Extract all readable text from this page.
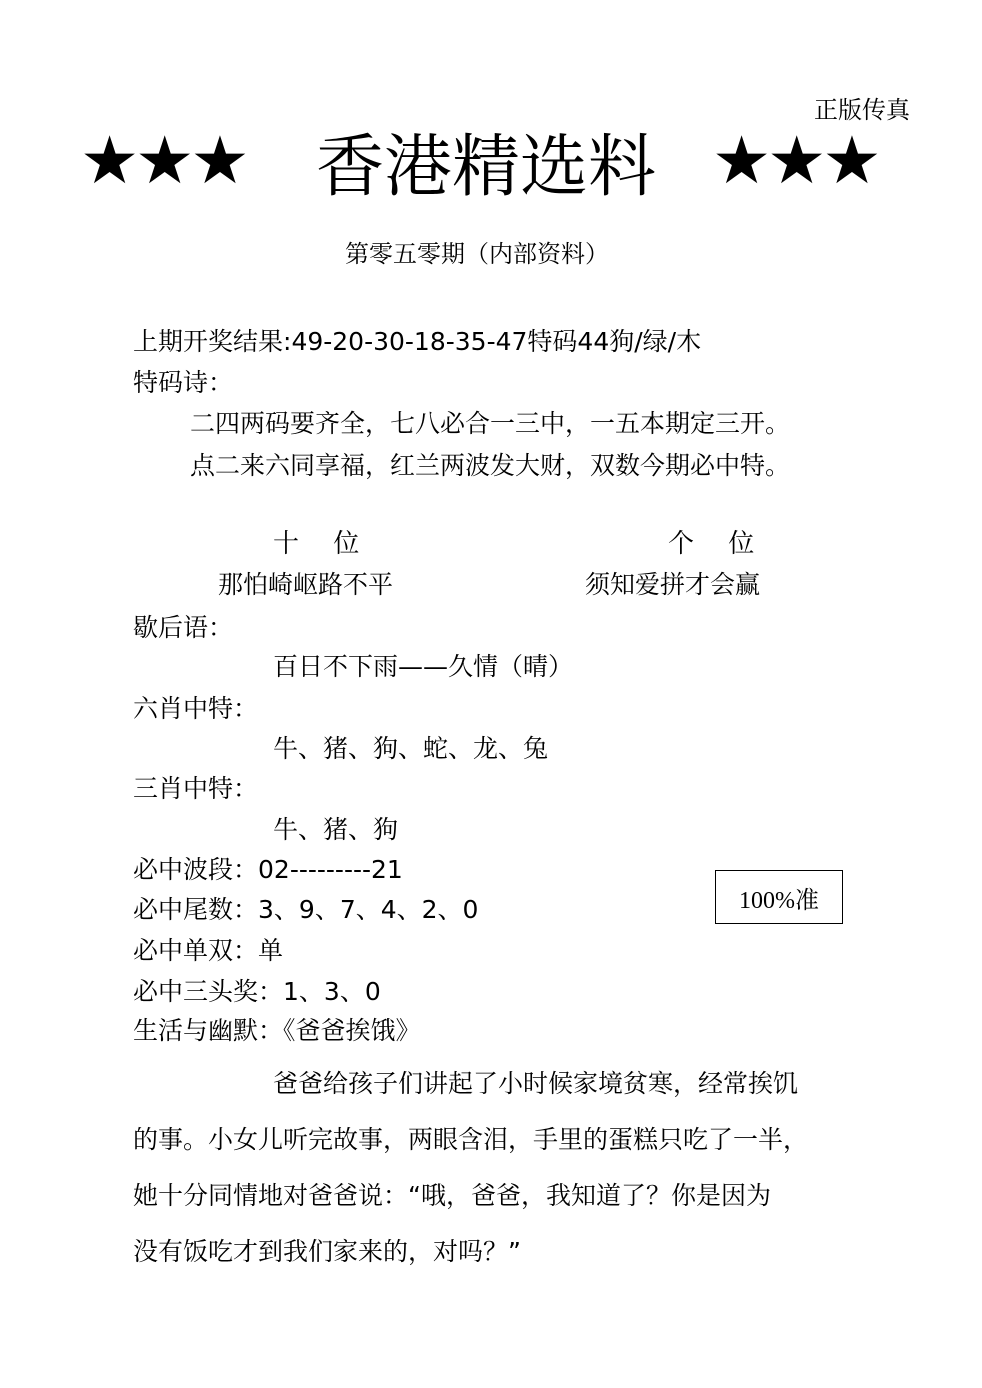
正版传真
★★★ 香港精选料 ★★★
第零五零期（内部资料）
上期开奖结果:49-20-30-18-35-47特码44狗/绿/木
特码诗：
二四两码要齐全，七八必合一三中，一五本期定三开。
点二来六同享福，红兰两波发大财，双数今期必中特。
十 位	个 位
那怕崎岖路不平	须知爱拼才会赢
歇后语：
百日不下雨——久情（晴）
六肖中特：
牛、猪、狗、蛇、龙、兔
三肖中特：
牛、猪、狗
必中波段：02---------21
必中尾数：3、9、7、4、2、0
必中单双：单
必中三头奖：1、3、0
100%准
生活与幽默：《爸爸挨饿》
爸爸给孩子们讲起了小时候家境贫寒，经常挨饥
的事。小女儿听完故事，两眼含泪，手里的蛋糕只吃了一半，
她十分同情地对爸爸说：“哦，爸爸，我知道了？你是因为
没有饭吃才到我们家来的，对吗？”
